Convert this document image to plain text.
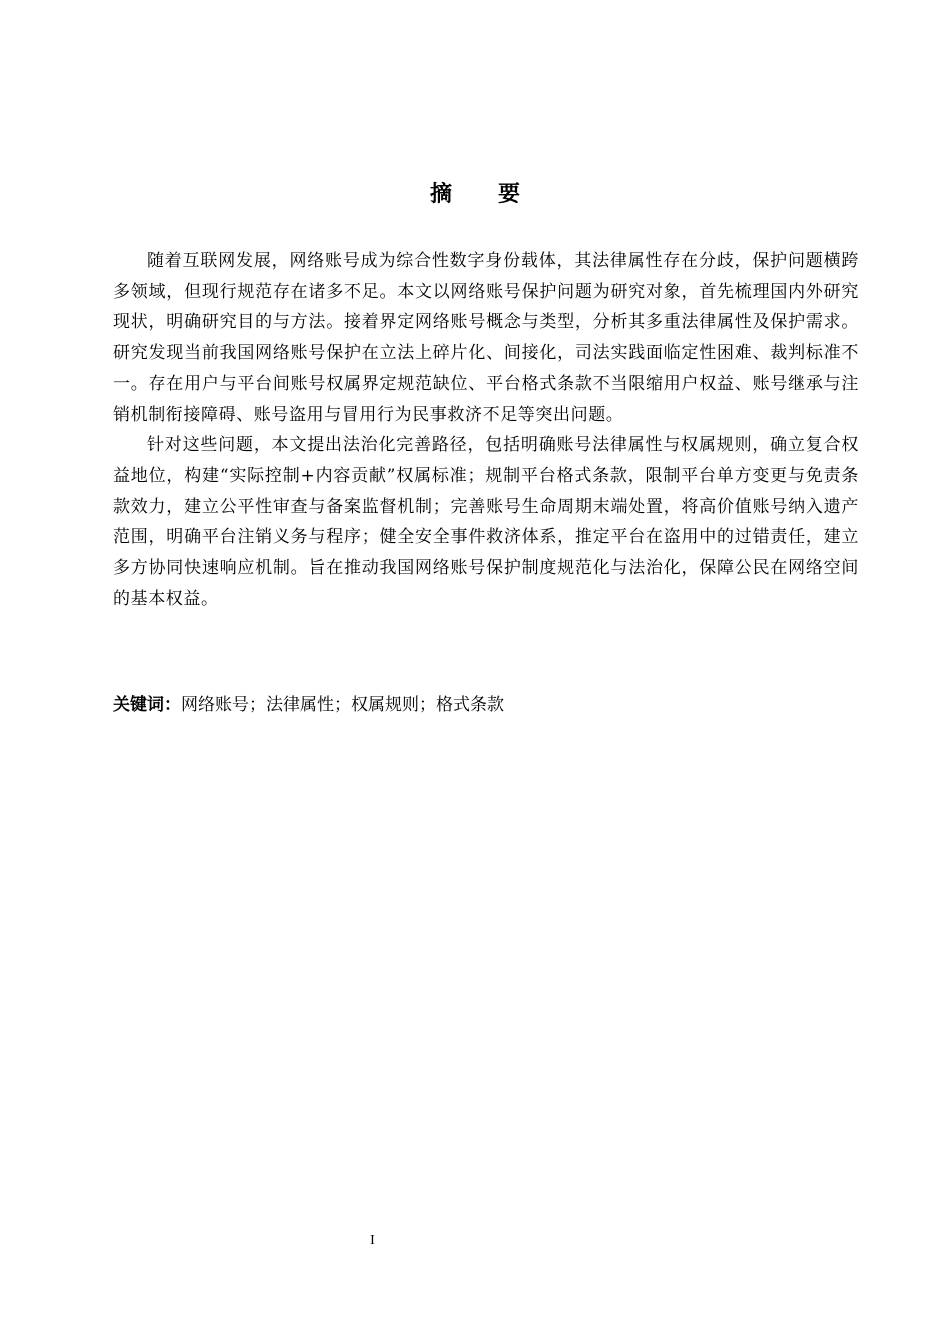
摘要

随着互联网发展，网络账号成为综合性数字身份载体，其法律属性存在分歧，保护问题横跨多领域，但现行规范存在诸多不足。本文以网络账号保护问题为研究对象，首先梳理国内外研究现状，明确研究目的与方法。接着界定网络账号概念与类型，分析其多重法律属性及保护需求。研究发现当前我国网络账号保护在立法上碎片化、间接化，司法实践面临定性困难、裁判标准不一。存在用户与平台间账号权属界定规范缺位、平台格式条款不当限缩用户权益、账号继承与注销机制衔接障碍、账号盗用与冒用行为民事救济不足等突出问题。

针对这些问题，本文提出法治化完善路径，包括明确账号法律属性与权属规则，确立复合权益地位，构建“实际控制+内容贡献”权属标准；规制平台格式条款，限制平台单方变更与免责条款效力，建立公平性审查与备案监督机制；完善账号生命周期末端处置，将高价值账号纳入遗产范围，明确平台注销义务与程序；健全安全事件救济体系，推定平台在盗用中的过错责任，建立多方协同快速响应机制。旨在推动我国网络账号保护制度规范化与法治化，保障公民在网络空间的基本权益。

关键词：网络账号；法律属性；权属规则；格式条款
I
